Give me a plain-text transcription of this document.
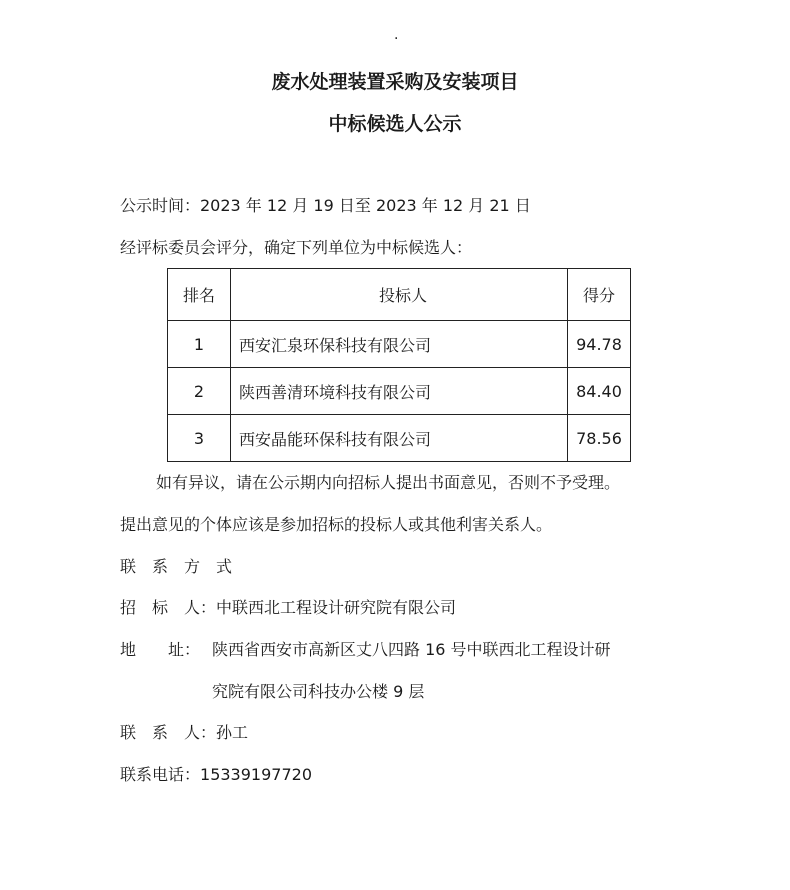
.
废水处理装置采购及安装项目
中标候选人公示
公示时间：2023 年 12 月 19 日至 2023 年 12 月 21 日
经评标委员会评分，确定下列单位为中标候选人：
排名	投标人	得分
1	西安汇泉环保科技有限公司	94.78
2	陕西善清环境科技有限公司	84.40
3	西安晶能环保科技有限公司	78.56
如有异议，请在公示期内向招标人提出书面意见，否则不予受理。
提出意见的个体应该是参加招标的投标人或其他利害关系人。
联　系　方　式
招　标　人：中联西北工程设计研究院有限公司
地　　址： 陕西省西安市高新区丈八四路 16 号中联西北工程设计研
究院有限公司科技办公楼 9 层
联　系　人：孙工
联系电话：15339197720
